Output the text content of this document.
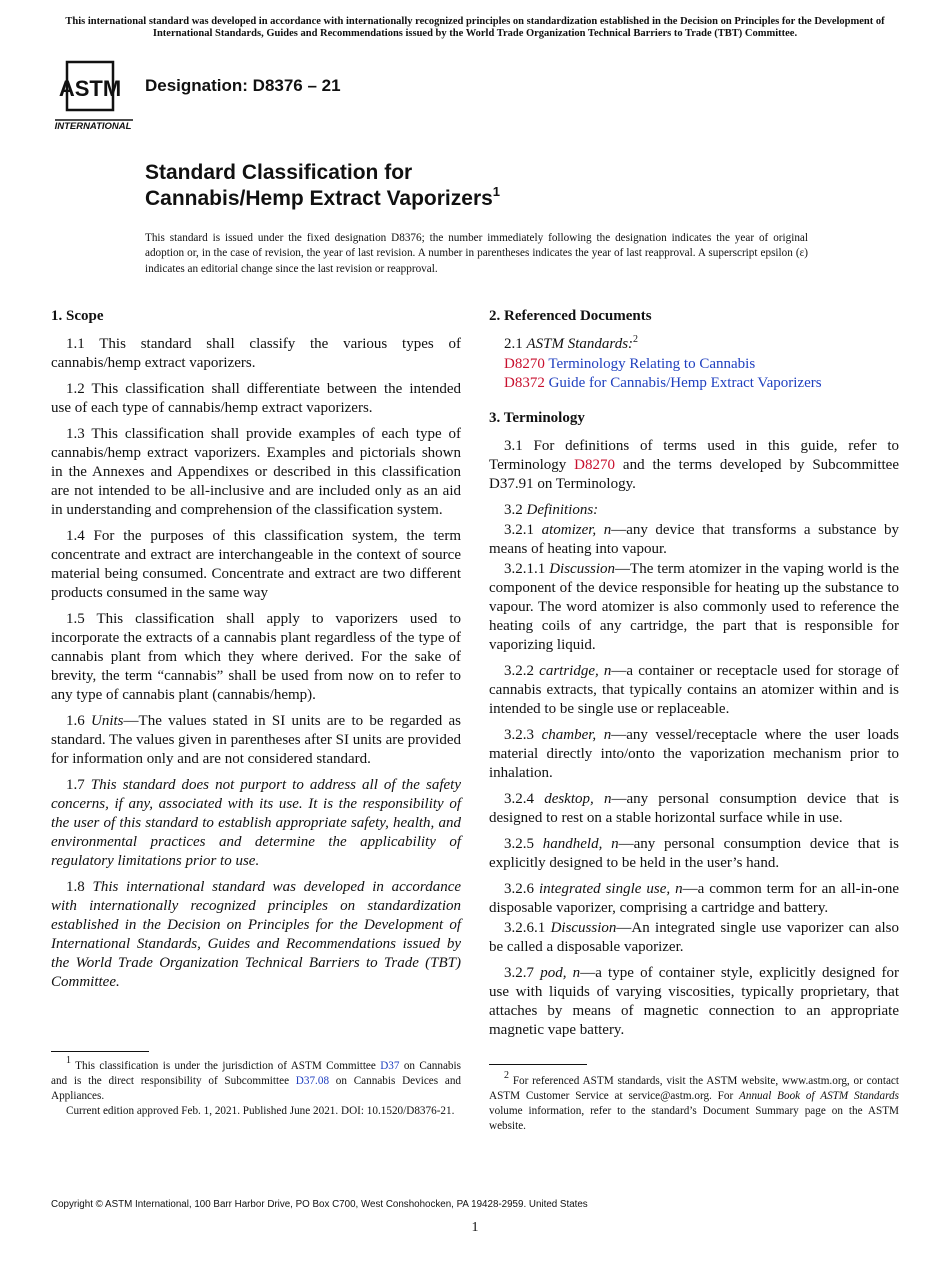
This international standard was developed in accordance with internationally recognized principles on standardization established in the Decision on Principles for the Development of International Standards, Guides and Recommendations issued by the World Trade Organization Technical Barriers to Trade (TBT) Committee.
ASTM
INTERNATIONAL
Designation: D8376 – 21
Standard Classification for
Cannabis/Hemp Extract Vaporizers$^1$
This standard is issued under the fixed designation D8376; the number immediately following the designation indicates the year of original adoption or, in the case of revision, the year of last revision. A number in parentheses indicates the year of last reapproval. A superscript epsilon (ε) indicates an editorial change since the last revision or reapproval.
1. Scope
1.1 This standard shall classify the various types of cannabis/hemp extract vaporizers.
1.2 This classification shall differentiate between the intended use of each type of cannabis/hemp extract vaporizers.
1.3 This classification shall provide examples of each type of cannabis/hemp extract vaporizers. Examples and pictorials shown in the Annexes and Appendixes or described in this classification are not intended to be all-inclusive and are included only as an aid in understanding and comprehension of the classification system.
1.4 For the purposes of this classification system, the term concentrate and extract are interchangeable in the context of source material being consumed. Concentrate and extract are two different products consumed in the same way
1.5 This classification shall apply to vaporizers used to incorporate the extracts of a cannabis plant regardless of the type of cannabis plant from which they where derived. For the sake of brevity, the term “cannabis” shall be used from now on to refer to any type of cannabis plant (cannabis/hemp).
1.6 Units—The values stated in SI units are to be regarded as standard. The values given in parentheses after SI units are provided for information only and are not considered standard.
1.7 This standard does not purport to address all of the safety concerns, if any, associated with its use. It is the responsibility of the user of this standard to establish appropriate safety, health, and environmental practices and determine the applicability of regulatory limitations prior to use.
1.8 This international standard was developed in accordance with internationally recognized principles on standardization established in the Decision on Principles for the Development of International Standards, Guides and Recommendations issued by the World Trade Organization Technical Barriers to Trade (TBT) Committee.
2. Referenced Documents
2.1 ASTM Standards:$^2$
D8270 Terminology Relating to Cannabis
D8372 Guide for Cannabis/Hemp Extract Vaporizers
3. Terminology
3.1 For definitions of terms used in this guide, refer to Terminology D8270 and the terms developed by Subcommittee D37.91 on Terminology.
3.2 Definitions:
3.2.1 atomizer, n—any device that transforms a substance by means of heating into vapour.
3.2.1.1 Discussion—The term atomizer in the vaping world is the component of the device responsible for heating up the substance to vapour. The word atomizer is also commonly used to reference the heating coils of any cartridge, the part that is responsible for vaporizing liquid.
3.2.2 cartridge, n—a container or receptacle used for storage of cannabis extracts, that typically contains an atomizer within and is intended to be single use or replaceable.
3.2.3 chamber, n—any vessel/receptacle where the user loads material directly into/onto the vaporization mechanism prior to inhalation.
3.2.4 desktop, n—any personal consumption device that is designed to rest on a stable horizontal surface while in use.
3.2.5 handheld, n—any personal consumption device that is explicitly designed to be held in the user’s hand.
3.2.6 integrated single use, n—a common term for an all-in-one disposable vaporizer, comprising a cartridge and battery.
3.2.6.1 Discussion—An integrated single use vaporizer can also be called a disposable vaporizer.
3.2.7 pod, n—a type of container style, explicitly designed for use with liquids of varying viscosities, typically proprietary, that attaches by means of magnetic connection to an appropriate magnetic vape battery.
$^1$ This classification is under the jurisdiction of ASTM Committee D37 on Cannabis and is the direct responsibility of Subcommittee D37.08 on Cannabis Devices and Appliances.
Current edition approved Feb. 1, 2021. Published June 2021. DOI: 10.1520/D8376-21.
$^2$ For referenced ASTM standards, visit the ASTM website, www.astm.org, or contact ASTM Customer Service at service@astm.org. For Annual Book of ASTM Standards volume information, refer to the standard’s Document Summary page on the ASTM website.
Copyright © ASTM International, 100 Barr Harbor Drive, PO Box C700, West Conshohocken, PA 19428-2959. United States
1
